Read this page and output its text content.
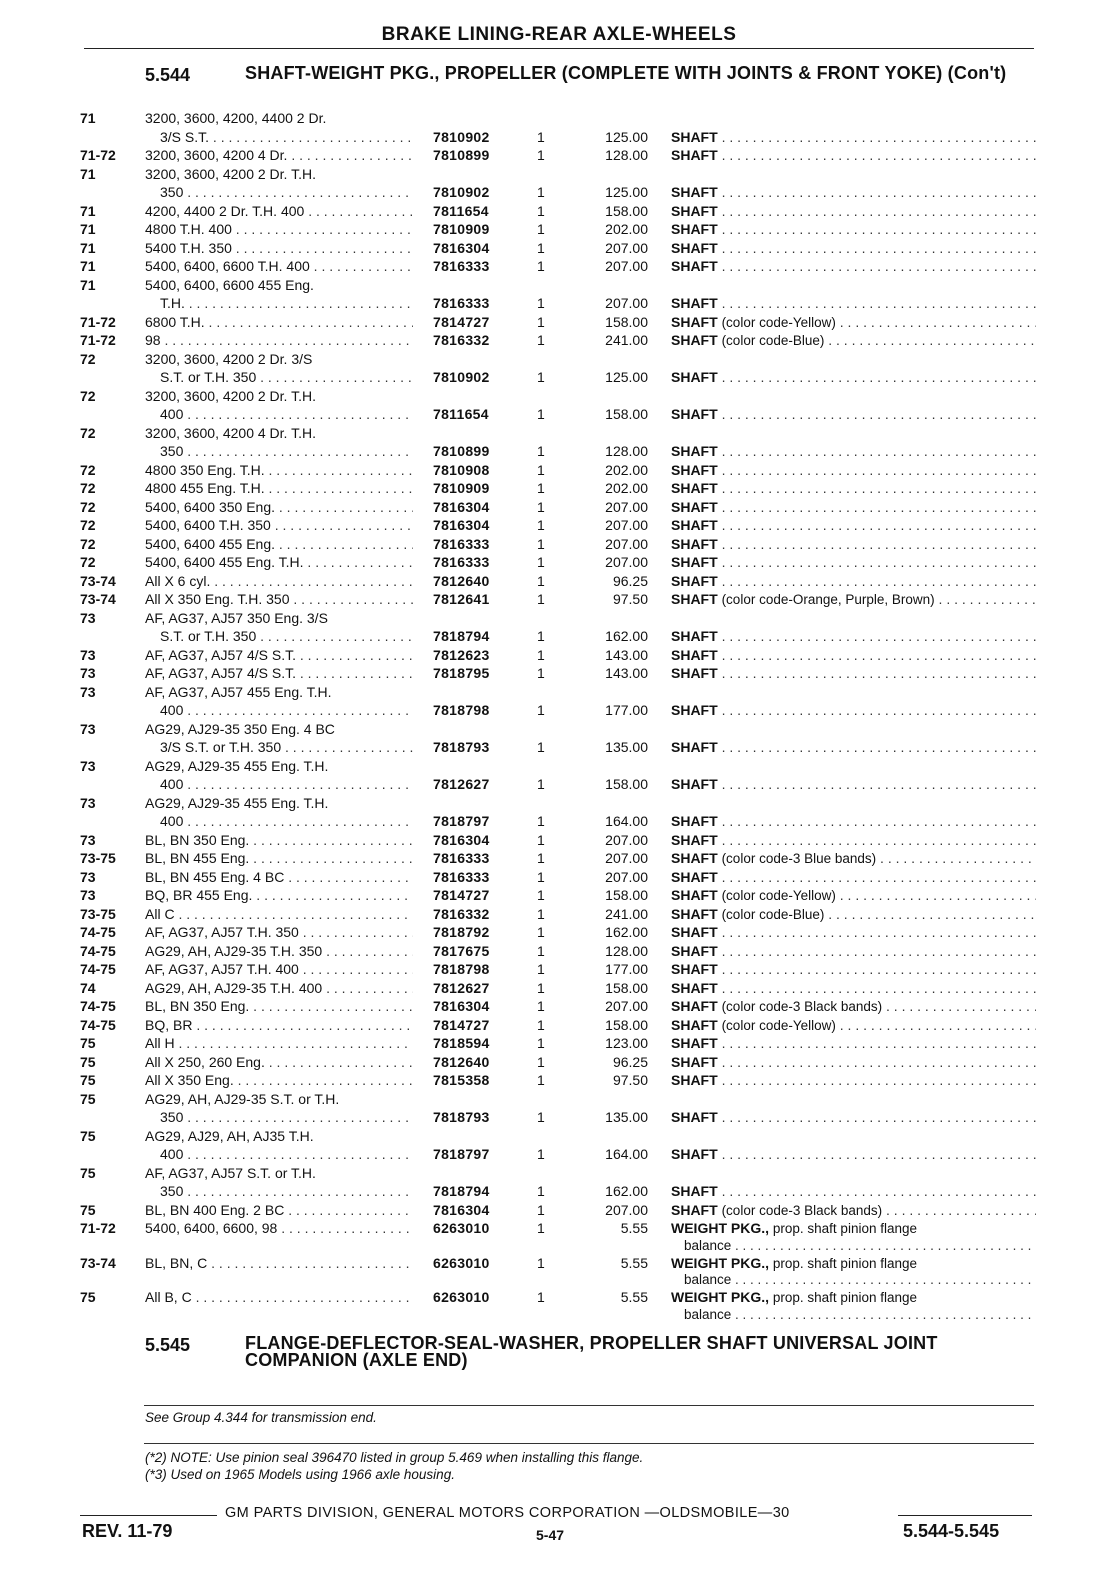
BRAKE LINING-REAR AXLE-WHEELS
5.544	SHAFT-WEIGHT PKG., PROPELLER (COMPLETE WITH JOINTS & FRONT YOKE) (Con't)
71	3200, 3600, 4200, 4400 2 Dr.
3/S S.T. . . .	7810902	1	125.00 SHAFT . . .
71-72 3200, 3600, 4200 4 Dr. . . .	7810899	1	128.00 SHAFT . . .
71	3200, 3600, 4200 2 Dr. T.H.
350 . . .	7810902	1	125.00 SHAFT . . .
71	4200, 4400 2 Dr. T.H. 400 . . .	7811654	1	158.00 SHAFT . . .
71	4800 T.H. 400 . . .	7810909	1	202.00 SHAFT . . .
71	5400 T.H. 350 . . .	7816304	1	207.00 SHAFT . . .
71	5400, 6400, 6600 T.H. 400 . . .	7816333	1	207.00 SHAFT . . .
71	5400, 6400, 6600 455 Eng.
T.H. . . .	7816333	1	207.00 SHAFT . . .
71-72 6800 T.H. . . .	7814727	1	158.00 SHAFT (color code-Yellow) . . .
71-72 98 . . .	7816332	1	241.00 SHAFT (color code-Blue) . . .
72	3200, 3600, 4200 2 Dr. 3/S
S.T. or T.H. 350 . . .	7810902	1	125.00 SHAFT . . .
72	3200, 3600, 4200 2 Dr. T.H.
400 . . .	7811654	1	158.00 SHAFT . . .
72	3200, 3600, 4200 4 Dr. T.H.
350 . . .	7810899	1	128.00 SHAFT . . .
72	4800 350 Eng. T.H. . . .	7810908	1	202.00 SHAFT . . .
72	4800 455 Eng. T.H. . . .	7810909	1	202.00 SHAFT . . .
72	5400, 6400 350 Eng. . . .	7816304	1	207.00 SHAFT . . .
72	5400, 6400 T.H. 350 . . .	7816304	1	207.00 SHAFT . . .
72	5400, 6400 455 Eng. . . .	7816333	1	207.00 SHAFT . . .
72	5400, 6400 455 Eng. T.H. . . .	7816333	1	207.00 SHAFT . . .
73-74 All X 6 cyl. . . .	7812640	1	96.25 SHAFT . . .
73-74 All X 350 Eng. T.H. 350 . . .	7812641	1	97.50 SHAFT (color code-Orange, Purple, Brown) . . .
73	AF, AG37, AJ57 350 Eng. 3/S
S.T. or T.H. 350 . . .	7818794	1	162.00 SHAFT . . .
73	AF, AG37, AJ57 4/S S.T. . . .	7812623	1	143.00 SHAFT . . .
73	AF, AG37, AJ57 4/S S.T. . . .	7818795	1	143.00 SHAFT . . .
73	AF, AG37, AJ57 455 Eng. T.H.
400 . . .	7818798	1	177.00 SHAFT . . .
73	AG29, AJ29-35 350 Eng. 4 BC
3/S S.T. or T.H. 350 . . .	7818793	1	135.00 SHAFT . . .
73	AG29, AJ29-35 455 Eng. T.H.
400 . . .	7812627	1	158.00 SHAFT . . .
73	AG29, AJ29-35 455 Eng. T.H.
400 . . .	7818797	1	164.00 SHAFT . . .
73	BL, BN 350 Eng. . . .	7816304	1	207.00 SHAFT . . .
73-75 BL, BN 455 Eng. . . .	7816333	1	207.00 SHAFT (color code-3 Blue bands) . . .
73	BL, BN 455 Eng. 4 BC . . .	7816333	1	207.00 SHAFT . . .
73	BQ, BR 455 Eng. . . .	7814727	1	158.00 SHAFT (color code-Yellow) . . .
73-75 All C . . .	7816332	1	241.00 SHAFT (color code-Blue) . . .
74-75 AF, AG37, AJ57 T.H. 350 . . .	7818792	1	162.00 SHAFT . . .
74-75 AG29, AH, AJ29-35 T.H. 350 . . .	7817675	1	128.00 SHAFT . . .
74-75 AF, AG37, AJ57 T.H. 400 . . .	7818798	1	177.00 SHAFT . . .
74	AG29, AH, AJ29-35 T.H. 400 . . .	7812627	1	158.00 SHAFT . . .
74-75 BL, BN 350 Eng. . . .	7816304	1	207.00 SHAFT (color code-3 Black bands) . . .
74-75 BQ, BR . . .	7814727	1	158.00 SHAFT (color code-Yellow) . . .
75	All H . . .	7818594	1	123.00 SHAFT . . .
75	All X 250, 260 Eng. . . .	7812640	1	96.25 SHAFT . . .
75	All X 350 Eng. . . .	7815358	1	97.50 SHAFT . . .
75	AG29, AH, AJ29-35 S.T. or T.H.
350 . . .	7818793	1	135.00 SHAFT . . .
75	AG29, AJ29, AH, AJ35 T.H.
400 . . .	7818797	1	164.00 SHAFT . . .
75	AF, AG37, AJ57 S.T. or T.H.
350 . . .	7818794	1	162.00 SHAFT . . .
75	BL, BN 400 Eng. 2 BC . . .	7816304	1	207.00 SHAFT (color code-3 Black bands) . . .
71-72 5400, 6400, 6600, 98 . . .	6263010	1	5.55 WEIGHT PKG., prop. shaft pinion flange
balance . . .
73-74 BL, BN, C . . .	6263010	1	5.55 WEIGHT PKG., prop. shaft pinion flange
balance . . .
75	All B, C . . .	6263010	1	5.55 WEIGHT PKG., prop. shaft pinion flange
balance . . .
5.545	FLANGE-DEFLECTOR-SEAL-WASHER, PROPELLER SHAFT UNIVERSAL JOINT COMPANION (AXLE END)
See Group 4.344 for transmission end.
(*2) NOTE: Use pinion seal 396470 listed in group 5.469 when installing this flange.
(*3) Used on 1965 Models using 1966 axle housing.
GM PARTS DIVISION, GENERAL MOTORS CORPORATION —OLDSMOBILE—30
REV. 11-79	5-47	5.544-5.545
